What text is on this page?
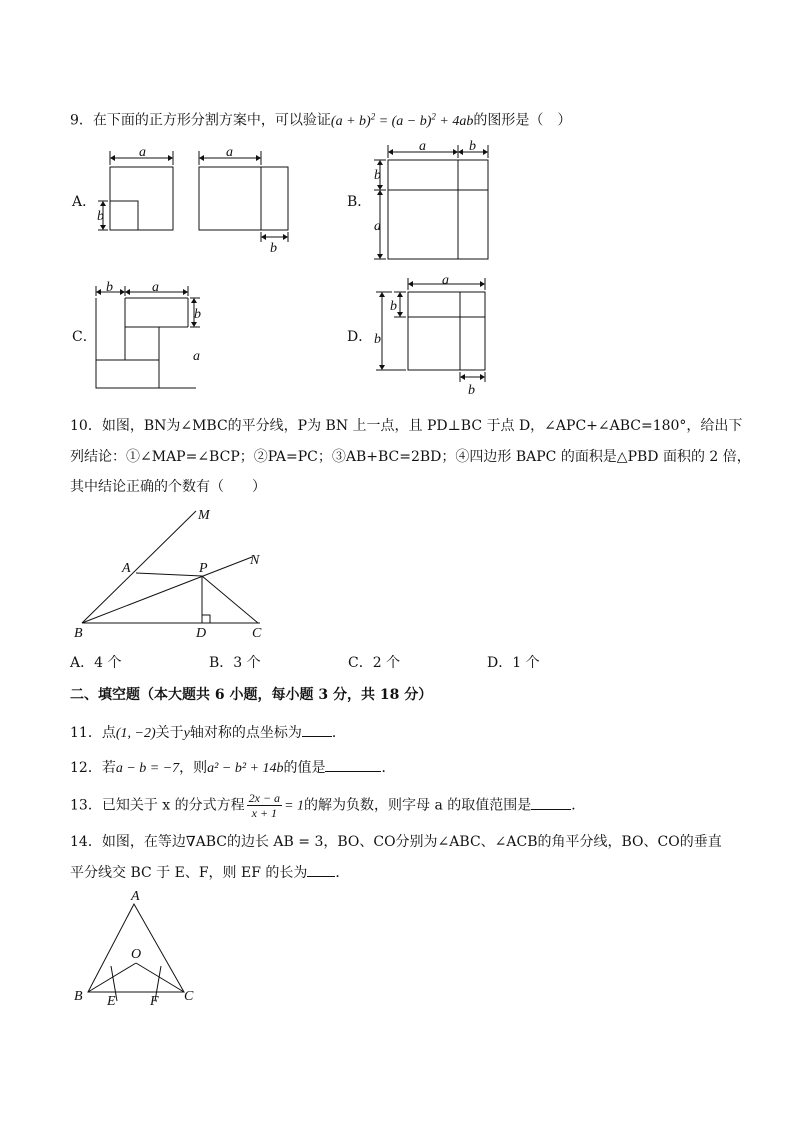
9．在下面的正方形分割方案中，可以验证$(a + b)^2 = (a - b)^2 + 4ab$的图形是（　）
A．	B．
C．	D．
a	a
b
b
a	b
b
a
b	a
b
a
a
b
b
b
10．如图，BN为∠MBC的平分线，P为 BN 上一点，且 PD⊥BC 于点 D，∠APC+∠ABC=180°，给出下
列结论：①∠MAP=∠BCP；②PA=PC；③AB+BC=2BD；④四边形 BAPC 的面积是△PBD 面积的 2 倍，
其中结论正确的个数有（　　）
M
N
A	P
B	D	C
A．4 个	B．3 个	C．2 个	D．1 个
二、填空题（本大题共 6 小题，每小题 3 分，共 18 分）
11．点(1, −2)关于y轴对称的点坐标为 ．
12．若a − b = −7，则a² − b² + 14b的值是	．
13．已知关于 x 的分式方程 $\frac{2x - a}{x + 1} = 1$的解为负数，则字母 a 的取值范围是	．
14．如图，在等边∇ABC的边长 AB = 3，BO、CO分别为∠ABC、∠ACB的角平分线，BO、CO的垂直
平分线交 BC 于 E、F，则 EF 的长为 ．
A
O
B E F C
